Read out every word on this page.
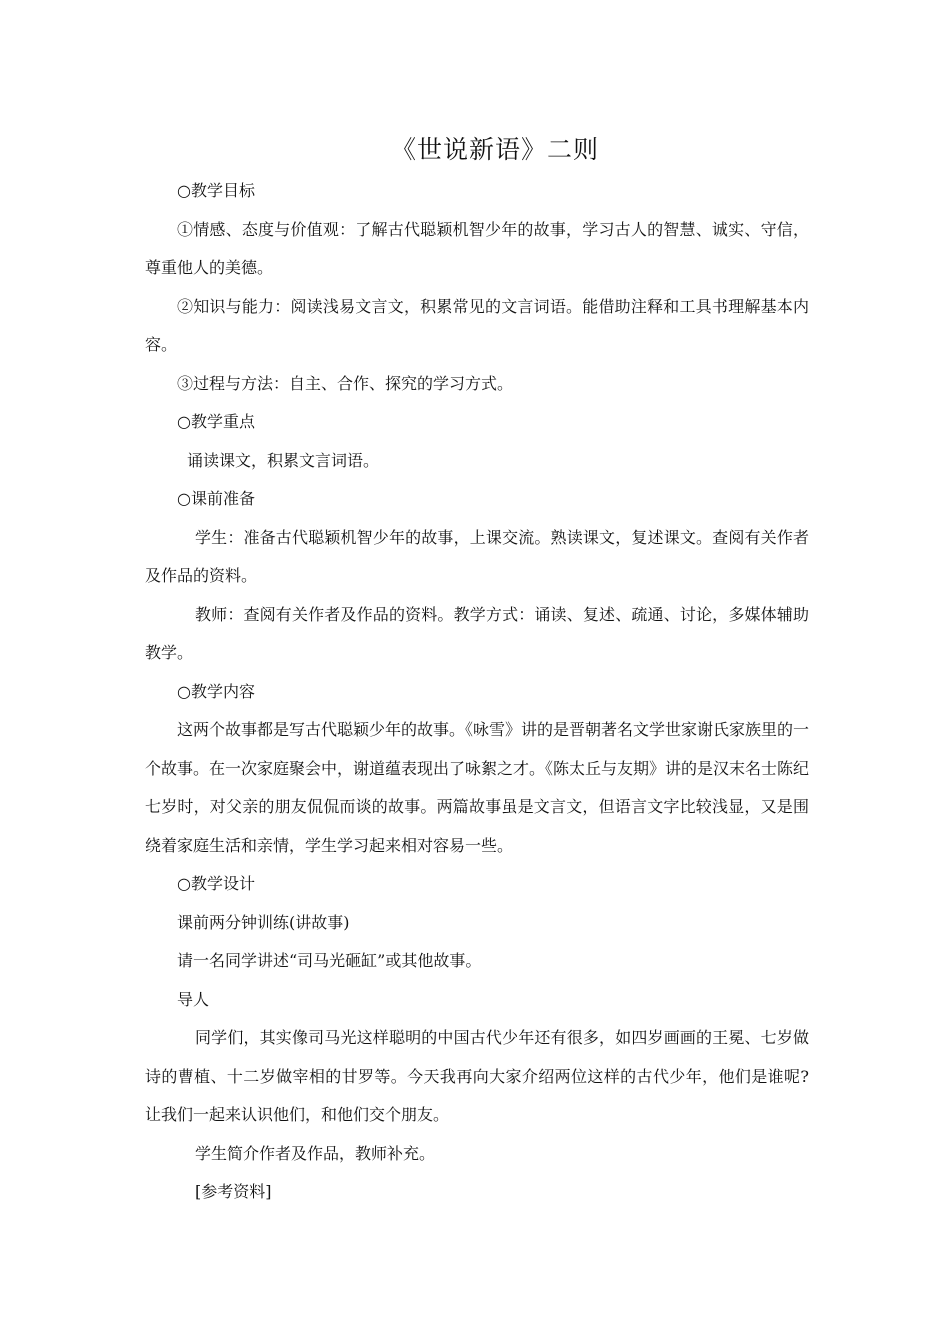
《世说新语》二则

○教学目标

①情感、态度与价值观：了解古代聪颖机智少年的故事，学习古人的智慧、诚实、守信，尊重他人的美德。

②知识与能力：阅读浅易文言文，积累常见的文言词语。能借助注释和工具书理解基本内容。

③过程与方法：自主、合作、探究的学习方式。

○教学重点

诵读课文，积累文言词语。

○课前准备

学生：准备古代聪颖机智少年的故事，上课交流。熟读课文，复述课文。查阅有关作者及作品的资料。

教师：查阅有关作者及作品的资料。教学方式：诵读、复述、疏通、讨论，多媒体辅助教学。

○教学内容

这两个故事都是写古代聪颖少年的故事。《咏雪》讲的是晋朝著名文学世家谢氏家族里的一个故事。在一次家庭聚会中，谢道蕴表现出了咏絮之才。《陈太丘与友期》讲的是汉末名士陈纪七岁时，对父亲的朋友侃侃而谈的故事。两篇故事虽是文言文，但语言文字比较浅显，又是围绕着家庭生活和亲情，学生学习起来相对容易一些。

○教学设计

课前两分钟训练(讲故事)

请一名同学讲述“司马光砸缸”或其他故事。

导人

同学们，其实像司马光这样聪明的中国古代少年还有很多，如四岁画画的王冕、七岁做诗的曹植、十二岁做宰相的甘罗等。今天我再向大家介绍两位这样的古代少年，他们是谁呢?让我们一起来认识他们，和他们交个朋友。

学生简介作者及作品，教师补充。

[参考资料]
